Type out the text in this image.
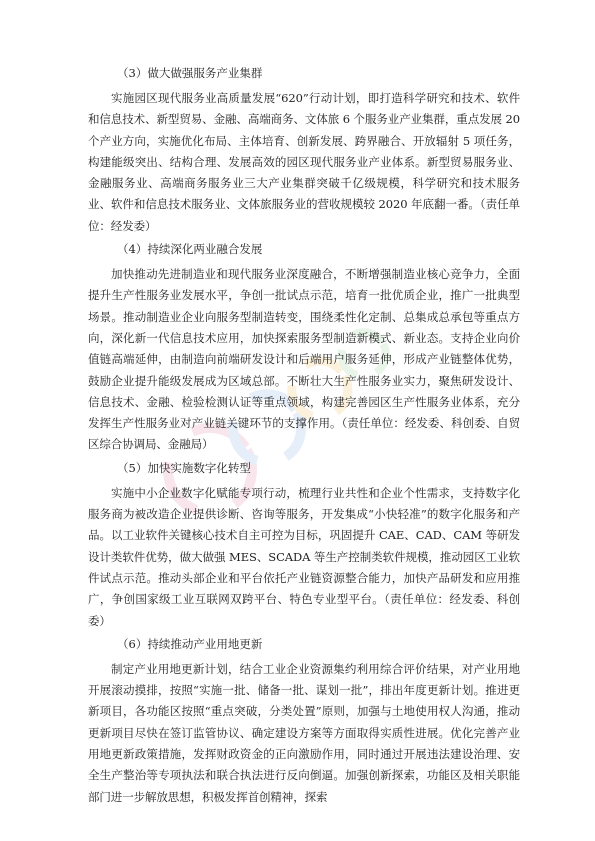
（3）做大做强服务产业集群

实施园区现代服务业高质量发展“620”行动计划，即打造科学研究和技术、软件和信息技术、新型贸易、金融、高端商务、文体旅 6 个服务业产业集群，重点发展 20 个产业方向，实施优化布局、主体培育、创新发展、跨界融合、开放辐射 5 项任务，构建能级突出、结构合理、发展高效的园区现代服务业产业体系。新型贸易服务业、金融服务业、高端商务服务业三大产业集群突破千亿级规模，科学研究和技术服务业、软件和信息技术服务业、文体旅服务业的营收规模较 2020 年底翻一番。（责任单位：经发委）

（4）持续深化两业融合发展

加快推动先进制造业和现代服务业深度融合，不断增强制造业核心竞争力，全面提升生产性服务业发展水平，争创一批试点示范，培育一批优质企业，推广一批典型场景。推动制造业企业向服务型制造转变，围绕柔性化定制、总集成总承包等重点方向，深化新一代信息技术应用，加快探索服务型制造新模式、新业态。支持企业向价值链高端延伸，由制造向前端研发设计和后端用户服务延伸，形成产业链整体优势，鼓励企业提升能级发展成为区域总部。不断壮大生产性服务业实力，聚焦研发设计、信息技术、金融、检验检测认证等重点领域，构建完善园区生产性服务业体系，充分发挥生产性服务业对产业链关键环节的支撑作用。（责任单位：经发委、科创委、自贸区综合协调局、金融局）

（5）加快实施数字化转型

实施中小企业数字化赋能专项行动，梳理行业共性和企业个性需求，支持数字化服务商为被改造企业提供诊断、咨询等服务，开发集成“小快轻准”的数字化服务和产品。以工业软件关键核心技术自主可控为目标，巩固提升 CAE、CAD、CAM 等研发设计类软件优势，做大做强 MES、SCADA 等生产控制类软件规模，推动园区工业软件试点示范。推动头部企业和平台依托产业链资源整合能力，加快产品研发和应用推广，争创国家级工业互联网双跨平台、特色专业型平台。（责任单位：经发委、科创委）

（6）持续推动产业用地更新

制定产业用地更新计划，结合工业企业资源集约利用综合评价结果，对产业用地开展滚动摸排，按照“实施一批、储备一批、谋划一批”，排出年度更新计划。推进更新项目，各功能区按照“重点突破，分类处置”原则，加强与土地使用权人沟通，推动更新项目尽快在签订监管协议、确定建设方案等方面取得实质性进展。优化完善产业用地更新政策措施，发挥财政资金的正向激励作用，同时通过开展违法建设治理、安全生产整治等专项执法和联合执法进行反向倒逼。加强创新探索，功能区及相关职能部门进一步解放思想，积极发挥首创精神，探索
